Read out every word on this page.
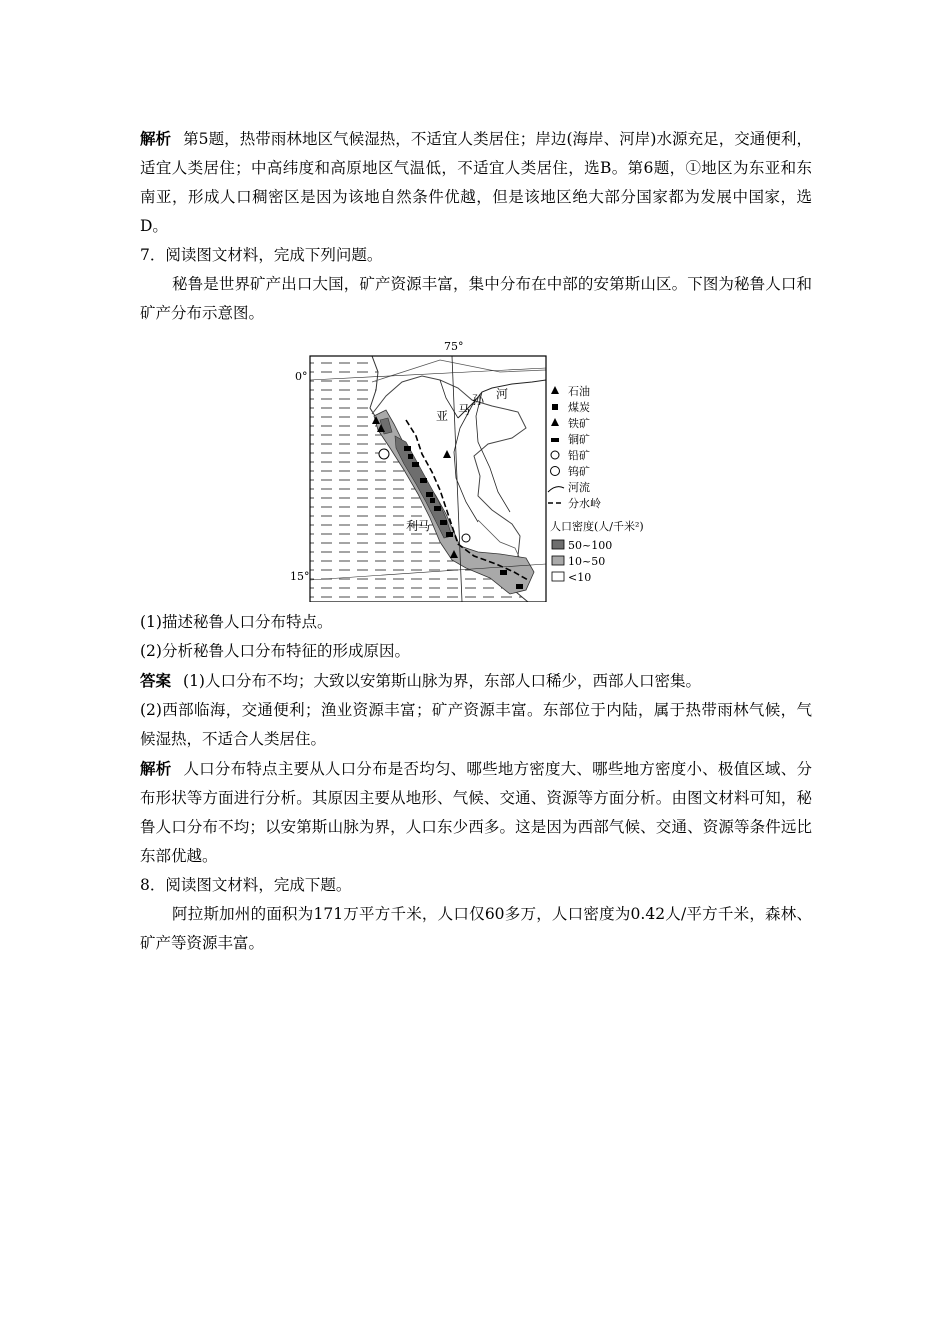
解析 第5题，热带雨林地区气候湿热，不适宜人类居住；岸边(海岸、河岸)水源充足，交通便利，适宜人类居住；中高纬度和高原地区气温低，不适宜人类居住，选B。第6题，①地区为东亚和东南亚，形成人口稠密区是因为该地自然条件优越，但是该地区绝大部分国家都为发展中国家，选D。

7．阅读图文材料，完成下列问题。

秘鲁是世界矿产出口大国，矿产资源丰富，集中分布在中部的安第斯山区。下图为秘鲁人口和矿产分布示意图。

75°
0°
15°
亚 马
孙 河
利马
石油
煤炭
铁矿
铜矿
铅矿
钨矿
河流
分水岭
人口密度(人/千米²)
50~100
10~50
<10

(1)描述秘鲁人口分布特点。

(2)分析秘鲁人口分布特征的形成原因。

答案 (1)人口分布不均；大致以安第斯山脉为界，东部人口稀少，西部人口密集。

(2)西部临海，交通便利；渔业资源丰富；矿产资源丰富。东部位于内陆，属于热带雨林气候，气候湿热，不适合人类居住。

解析 人口分布特点主要从人口分布是否均匀、哪些地方密度大、哪些地方密度小、极值区域、分布形状等方面进行分析。其原因主要从地形、气候、交通、资源等方面分析。由图文材料可知，秘鲁人口分布不均；以安第斯山脉为界，人口东少西多。这是因为西部气候、交通、资源等条件远比东部优越。

8．阅读图文材料，完成下题。

阿拉斯加州的面积为171万平方千米，人口仅60多万，人口密度为0.42人/平方千米，森林、矿产等资源丰富。
